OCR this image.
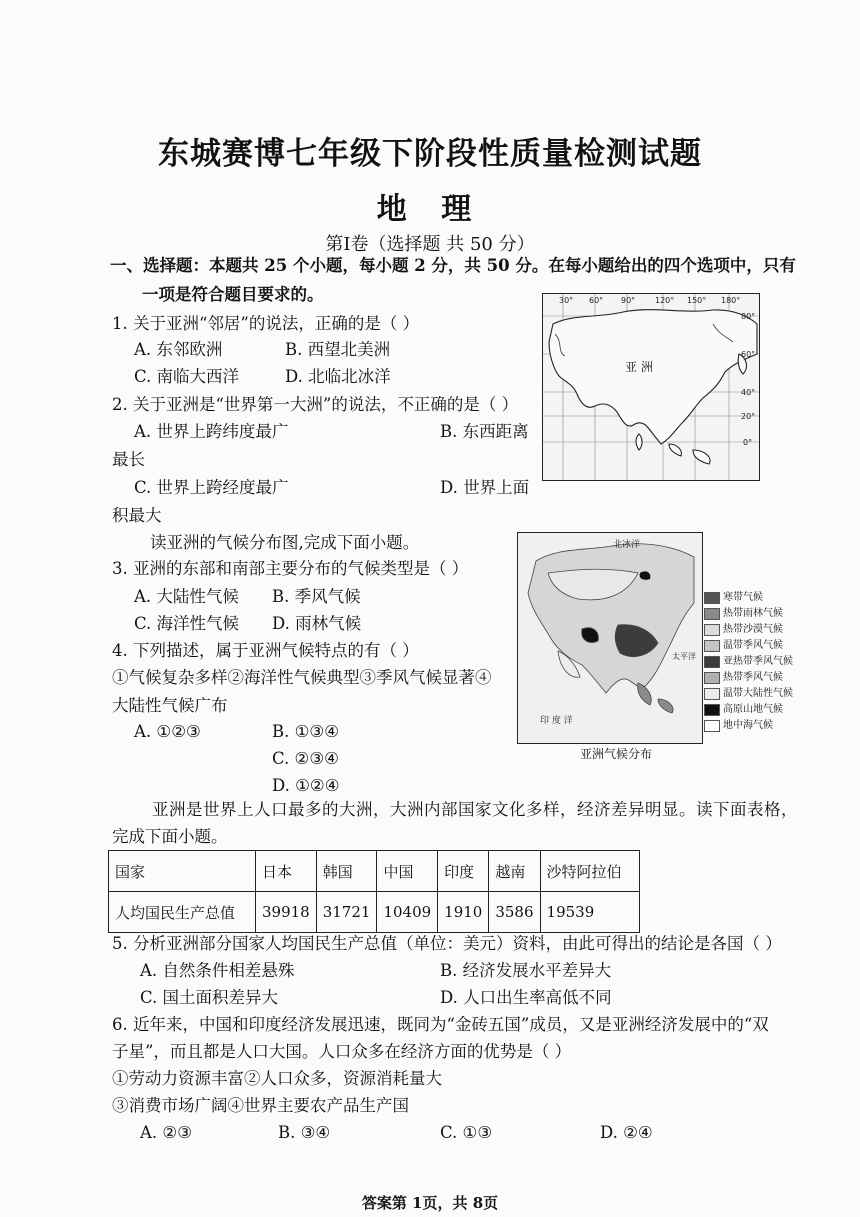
东城赛博七年级下阶段性质量检测试题
地 理
第Ⅰ卷（选择题 共 50 分）
一、选择题：本题共 25 个小题，每小题 2 分，共 50 分。在每小题给出的四个选项中，只有
一项是符合题目要求的。
1. 关于亚洲“邻居”的说法，正确的是（ ）
A. 东邻欧洲	B. 西望北美洲
C. 南临大西洋	D. 北临北冰洋
2. 关于亚洲是“世界第一大洲”的说法，不正确的是（ ）
A. 世界上跨纬度最广	B. 东西距离
最长
C. 世界上跨经度最广	D. 世界上面
积最大
30° 60° 90° 120° 150° 180°
80°
60°
40°
20°
0°
亚 洲
读亚洲的气候分布图,完成下面小题。
3. 亚洲的东部和南部主要分布的气候类型是（ ）
A. 大陆性气候 B. 季风气候
C. 海洋性气候 D. 雨林气候
4. 下列描述，属于亚洲气候特点的有（ ）
①气候复杂多样②海洋性气候典型③季风气候显著④
大陆性气候广布
A. ①②③	B. ①③④
C. ②③④
D. ①②④
北冰洋
太平洋
印 度 洋
寒带气候
热带雨林气候
热带沙漠气候
温带季风气候
亚热带季风气候
热带季风气候
温带大陆性气候
高原山地气候
地中海气候
亚洲气候分布
亚洲是世界上人口最多的大洲，大洲内部国家文化多样，经济差异明显。读下面表格，
完成下面小题。
国家	日本	韩国	中国	印度	越南	沙特阿拉伯
人均国民生产总值	39918	31721	10409	1910	3586	19539
5. 分析亚洲部分国家人均国民生产总值（单位：美元）资料，由此可得出的结论是各国（ ）
A. 自然条件相差悬殊	B. 经济发展水平差异大
C. 国土面积差异大	D. 人口出生率高低不同
6. 近年来，中国和印度经济发展迅速，既同为“金砖五国”成员，又是亚洲经济发展中的“双
子星”，而且都是人口大国。人口众多在经济方面的优势是（ ）
①劳动力资源丰富②人口众多，资源消耗量大
③消费市场广阔④世界主要农产品生产国
A. ②③	B. ③④	C. ①③	D. ②④
答案第 1页，共 8页
